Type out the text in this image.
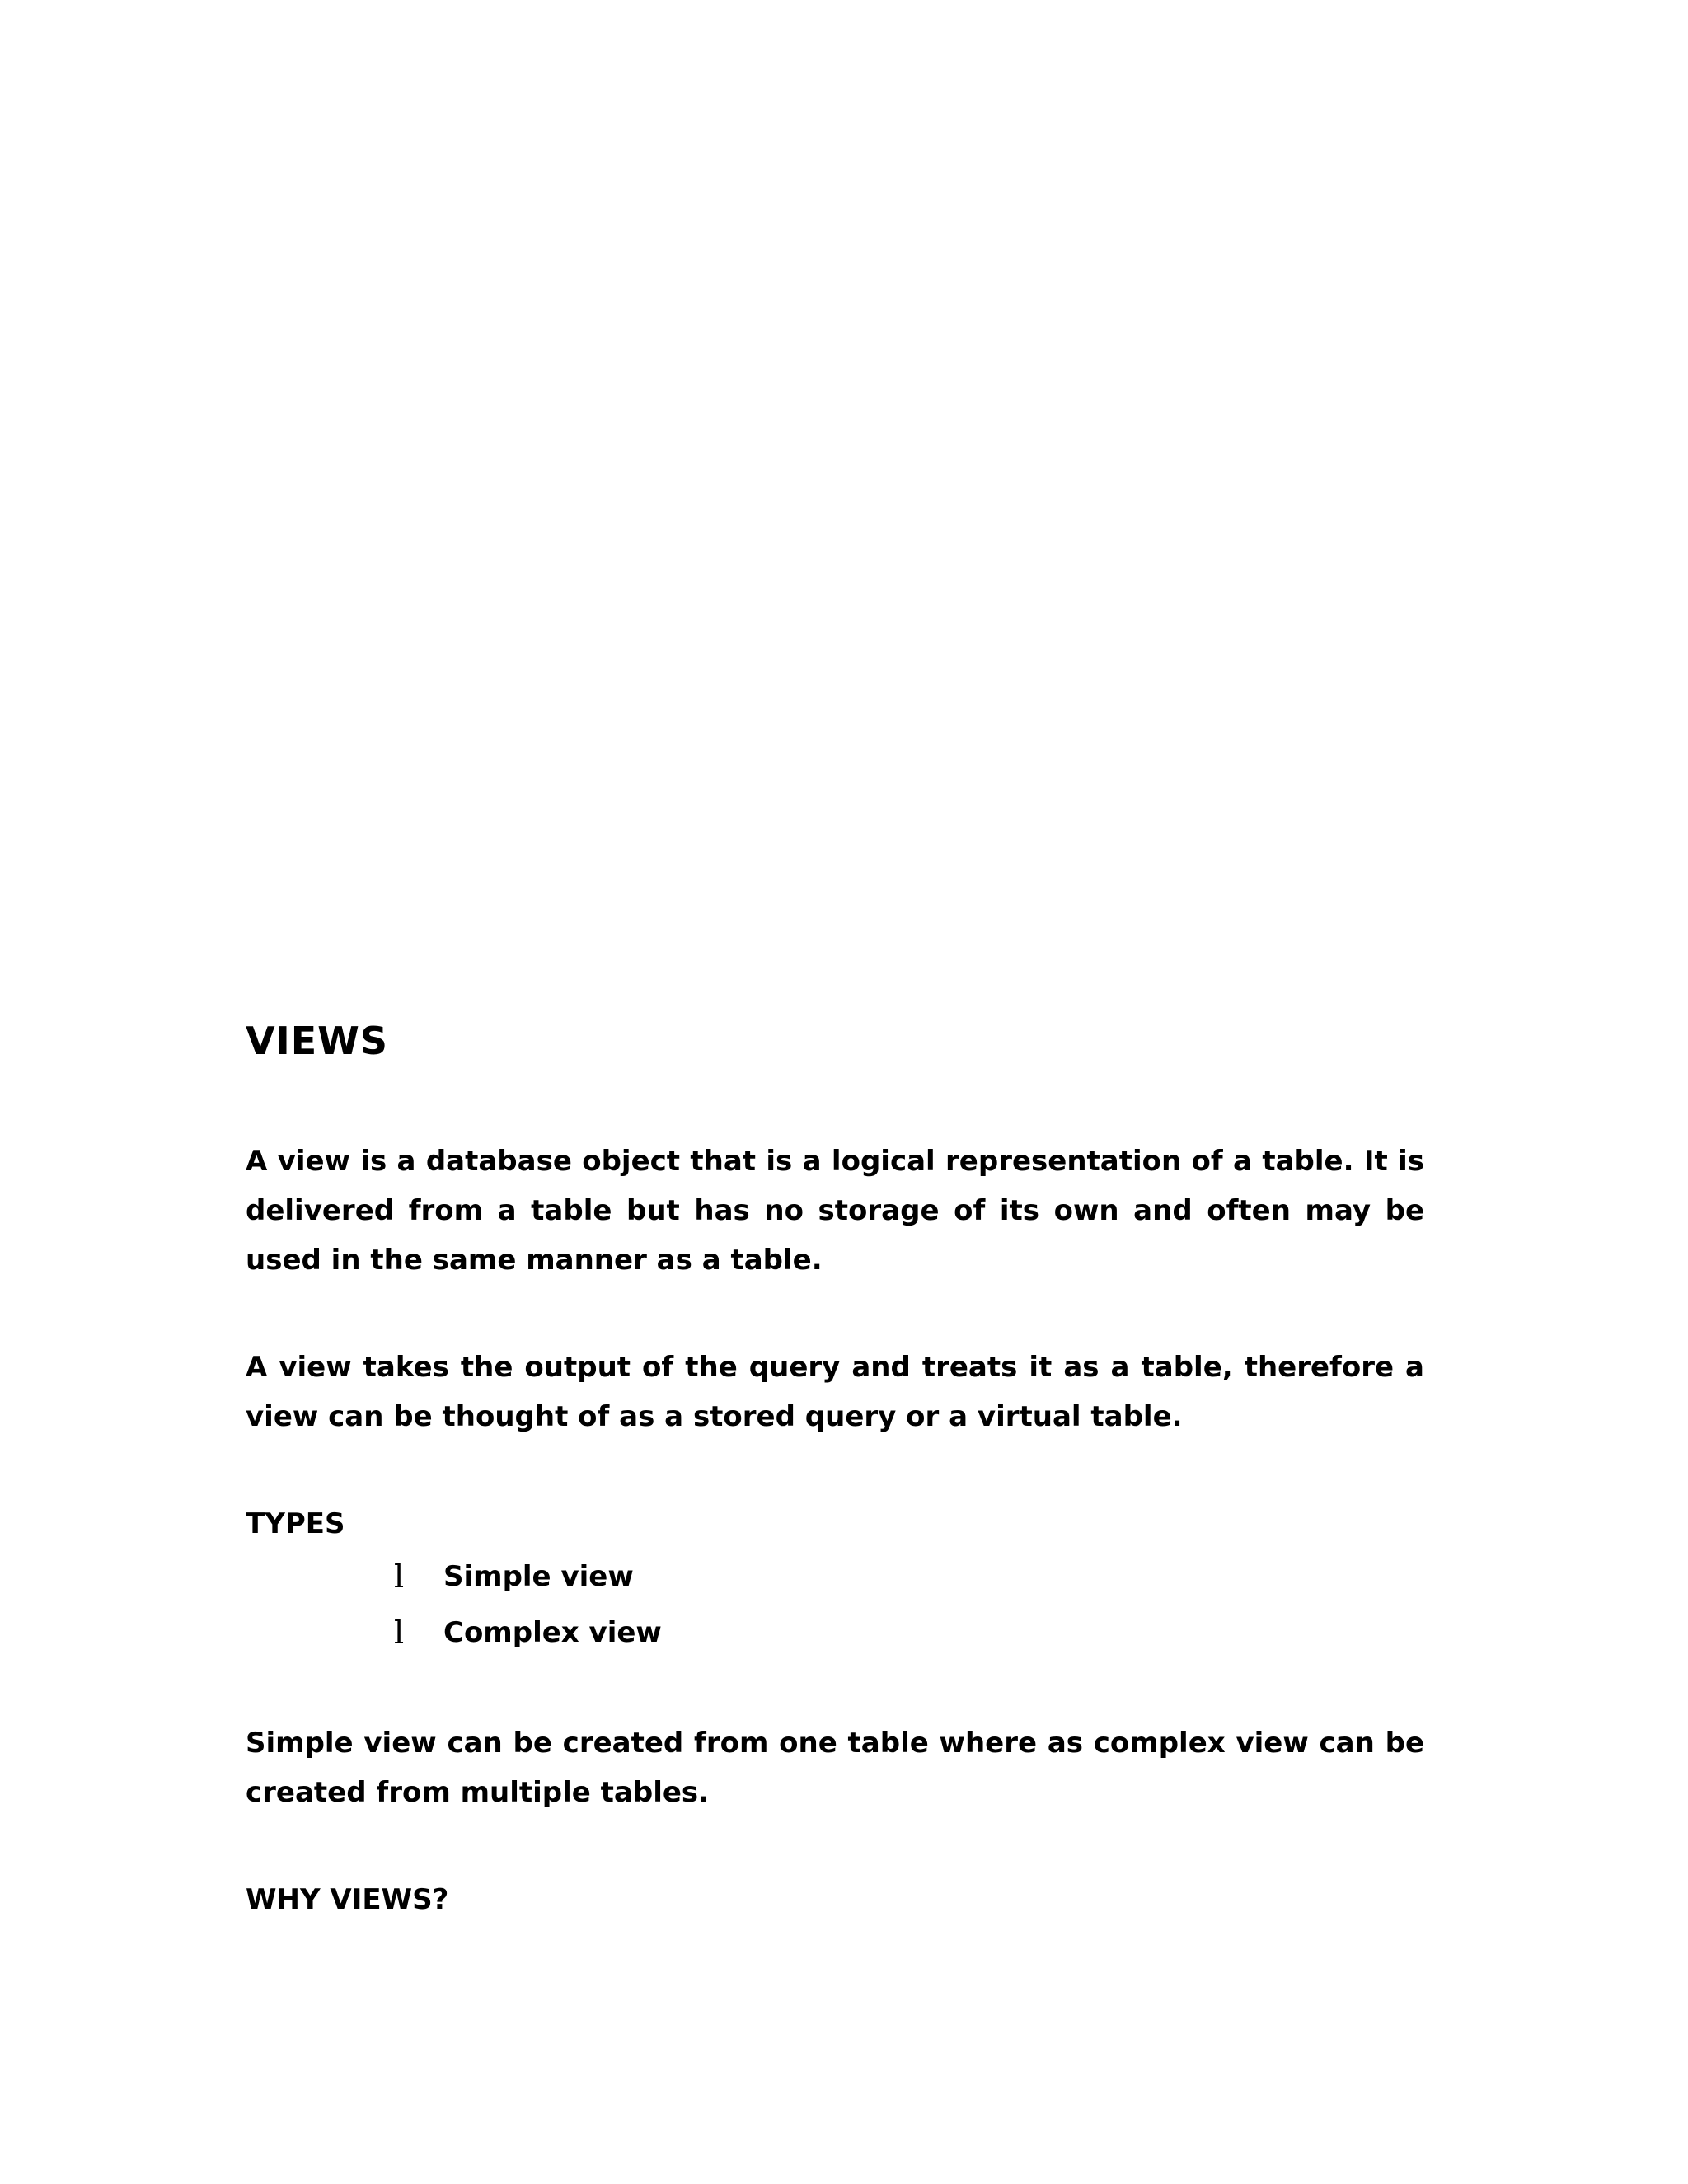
VIEWS

A view is a database object that is a logical representation of a table. It is delivered from a table but has no storage of its own and often may be used in the same manner as a table.

A view takes the output of the query and treats it as a table, therefore a view can be thought of as a stored query or a virtual table.

TYPES
l Simple view
l Complex view

Simple view can be created from one table where as complex view can be created from multiple tables.

WHY VIEWS?
